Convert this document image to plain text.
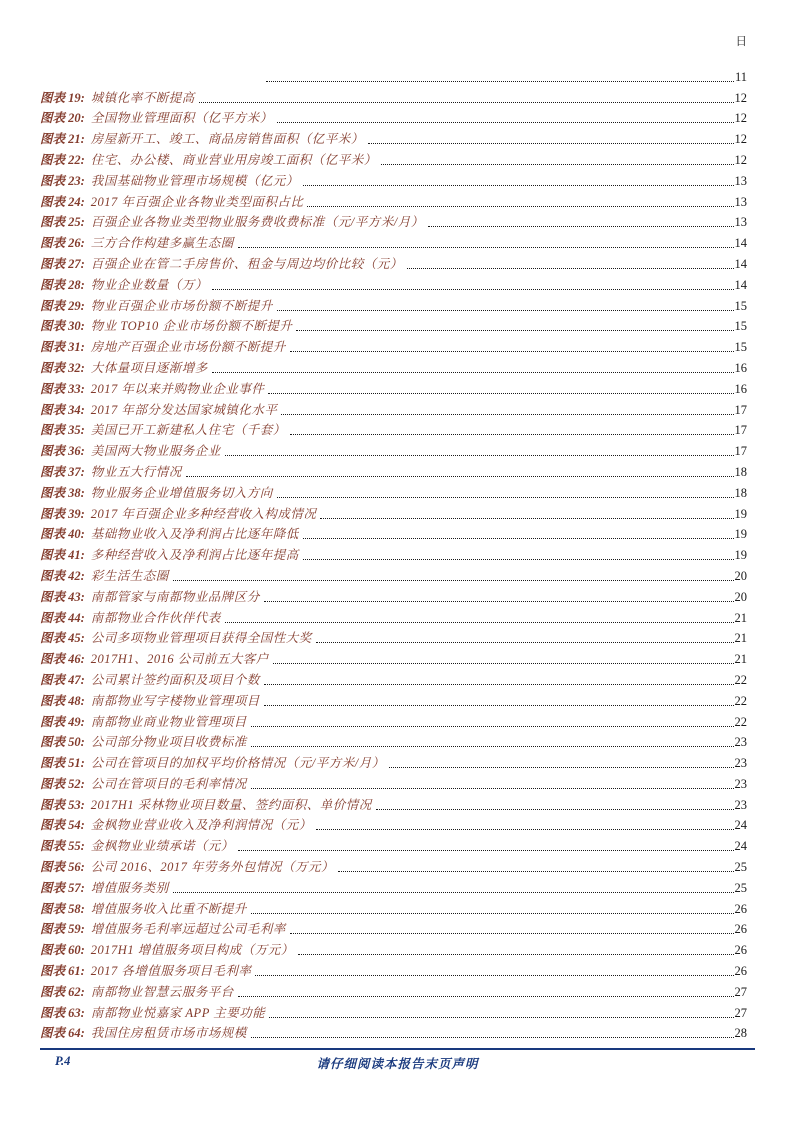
日
11
图表 19: 城镇化率不断提高	12
图表 20: 全国物业管理面积（亿平方米）	12
图表 21: 房屋新开工、竣工、商品房销售面积（亿平米）	12
图表 22: 住宅、办公楼、商业营业用房竣工面积（亿平米）	12
图表 23: 我国基础物业管理市场规模（亿元）	13
图表 24: 2017 年百强企业各物业类型面积占比	13
图表 25: 百强企业各物业类型物业服务费收费标准（元/平方米/月）	13
图表 26: 三方合作构建多赢生态圈	14
图表 27: 百强企业在管二手房售价、租金与周边均价比较（元）	14
图表 28: 物业企业数量（万）	14
图表 29: 物业百强企业市场份额不断提升	15
图表 30: 物业 TOP10 企业市场份额不断提升	15
图表 31: 房地产百强企业市场份额不断提升	15
图表 32: 大体量项目逐渐增多	16
图表 33: 2017 年以来并购物业企业事件	16
图表 34: 2017 年部分发达国家城镇化水平	17
图表 35: 美国已开工新建私人住宅（千套）	17
图表 36: 美国两大物业服务企业	17
图表 37: 物业五大行情况	18
图表 38: 物业服务企业增值服务切入方向	18
图表 39: 2017 年百强企业多种经营收入构成情况	19
图表 40: 基础物业收入及净利润占比逐年降低	19
图表 41: 多种经营收入及净利润占比逐年提高	19
图表 42: 彩生活生态圈	20
图表 43: 南都管家与南都物业品牌区分	20
图表 44: 南都物业合作伙伴代表	21
图表 45: 公司多项物业管理项目获得全国性大奖	21
图表 46: 2017H1、2016 公司前五大客户	21
图表 47: 公司累计签约面积及项目个数	22
图表 48: 南都物业写字楼物业管理项目	22
图表 49: 南都物业商业物业管理项目	22
图表 50: 公司部分物业项目收费标准	23
图表 51: 公司在管项目的加权平均价格情况（元/平方米/月）	23
图表 52: 公司在管项目的毛利率情况	23
图表 53: 2017H1 采林物业项目数量、签约面积、单价情况	23
图表 54: 金枫物业营业收入及净利润情况（元）	24
图表 55: 金枫物业业绩承诺（元）	24
图表 56: 公司 2016、2017 年劳务外包情况（万元）	25
图表 57: 增值服务类别	25
图表 58: 增值服务收入比重不断提升	26
图表 59: 增值服务毛利率远超过公司毛利率	26
图表 60: 2017H1 增值服务项目构成（万元）	26
图表 61: 2017 各增值服务项目毛利率	26
图表 62: 南都物业智慧云服务平台	27
图表 63: 南都物业悦嘉家 APP 主要功能	27
图表 64: 我国住房租赁市场市场规模	28
P.4	请仔细阅读本报告末页声明
